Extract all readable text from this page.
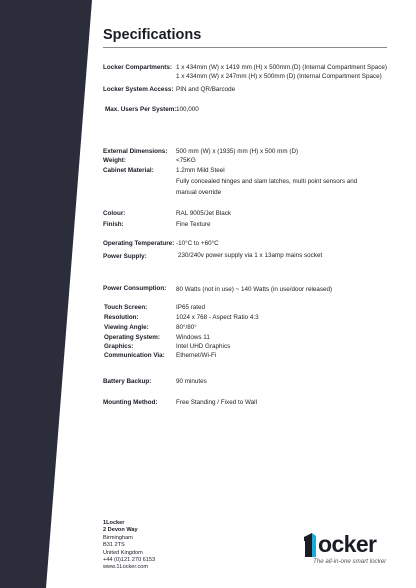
Specifications
Locker Compartments: 1 x 434mm (W) x 1419 mm (H) x 500mm (D) (Internal Compartment Space)
1 x 434mm (W) x 247mm (H) x 500mm (D) (Internal Compartment Space)
Locker System Access: PIN and QR/Barcode
Max. Users Per System: 100,000
External Dimensions: 500 mm (W) x (1935) mm (H) x 500 mm (D)
Weight:	<75KG
Cabinet Material:	1.2mm Mild Steel
Fully concealed hinges and slam latches, multi point sensors and
manual override
Colour:	RAL 9005/Jet Black
Finish:	Fine Texture
Operating Temperature: -10°C to +60°C
Power Supply:	230/240v power supply via 1 x 13amp mains socket
Power Consumption: 80 Watts (not in use) ~ 140 Watts (in use/door released)
Touch Screen:	IP65 rated
Resolution:	1024 x 768 - Aspect Ratio 4:3
Viewing Angle:	80°/80°
Operating System:	Windows 11
Graphics:	Intel UHD Graphics
Communication Via: Ethernet/Wi-Fi
Battery Backup:	90 minutes
Mounting Method:	Free Standing / Fixed to Wall
1Locker
2 Devon Way
Birmingham
B31 2TS
United Kingdom
+44 (0)121 270 6153
www.1Locker.com
ocker
The all-in-one smart locker
